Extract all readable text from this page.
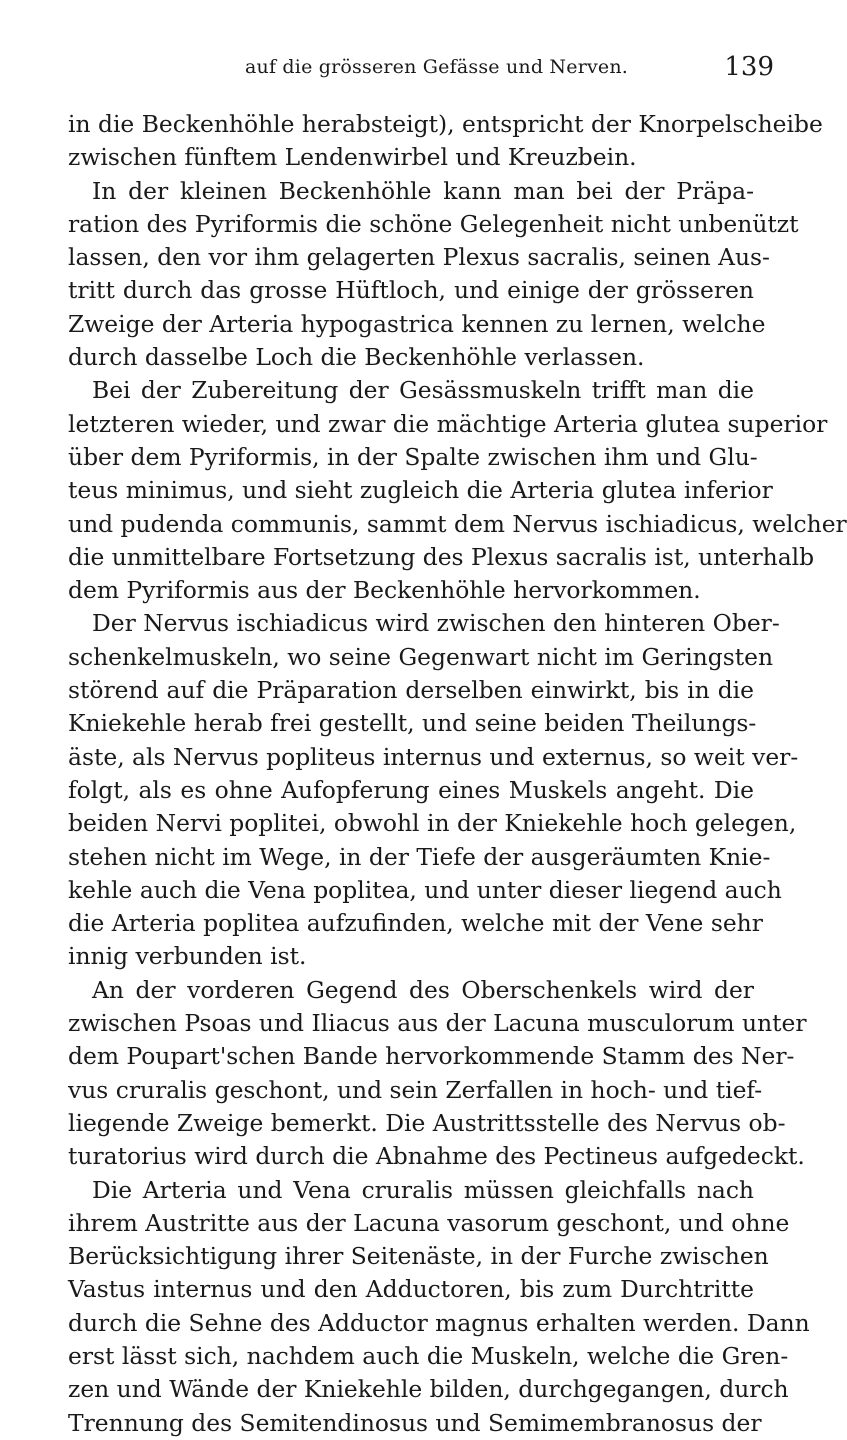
auf die grösseren Gefässe und Nerven.	139
in die Beckenhöhle herabsteigt), entspricht der Knorpelscheibe
zwischen fünftem Lendenwirbel und Kreuzbein.
In der kleinen Beckenhöhle kann man bei der Präpa-
ration des Pyriformis die schöne Gelegenheit nicht unbenützt
lassen, den vor ihm gelagerten Plexus sacralis, seinen Aus-
tritt durch das grosse Hüftloch, und einige der grösseren
Zweige der Arteria hypogastrica kennen zu lernen, welche
durch dasselbe Loch die Beckenhöhle verlassen.
Bei der Zubereitung der Gesässmuskeln trifft man die
letzteren wieder, und zwar die mächtige Arteria glutea superior
über dem Pyriformis, in der Spalte zwischen ihm und Glu-
teus minimus, und sieht zugleich die Arteria glutea inferior
und pudenda communis, sammt dem Nervus ischiadicus, welcher
die unmittelbare Fortsetzung des Plexus sacralis ist, unterhalb
dem Pyriformis aus der Beckenhöhle hervorkommen.
Der Nervus ischiadicus wird zwischen den hinteren Ober-
schenkelmuskeln, wo seine Gegenwart nicht im Geringsten
störend auf die Präparation derselben einwirkt, bis in die
Kniekehle herab frei gestellt, und seine beiden Theilungs-
äste, als Nervus popliteus internus und externus, so weit ver-
folgt, als es ohne Aufopferung eines Muskels angeht. Die
beiden Nervi poplitei, obwohl in der Kniekehle hoch gelegen,
stehen nicht im Wege, in der Tiefe der ausgeräumten Knie-
kehle auch die Vena poplitea, und unter dieser liegend auch
die Arteria poplitea aufzufinden, welche mit der Vene sehr
innig verbunden ist.
An der vorderen Gegend des Oberschenkels wird der
zwischen Psoas und Iliacus aus der Lacuna musculorum unter
dem Poupart'schen Bande hervorkommende Stamm des Ner-
vus cruralis geschont, und sein Zerfallen in hoch- und tief-
liegende Zweige bemerkt. Die Austrittsstelle des Nervus ob-
turatorius wird durch die Abnahme des Pectineus aufgedeckt.
Die Arteria und Vena cruralis müssen gleichfalls nach
ihrem Austritte aus der Lacuna vasorum geschont, und ohne
Berücksichtigung ihrer Seitenäste, in der Furche zwischen
Vastus internus und den Adductoren, bis zum Durchtritte
durch die Sehne des Adductor magnus erhalten werden. Dann
erst lässt sich, nachdem auch die Muskeln, welche die Gren-
zen und Wände der Kniekehle bilden, durchgegangen, durch
Trennung des Semitendinosus und Semimembranosus der
